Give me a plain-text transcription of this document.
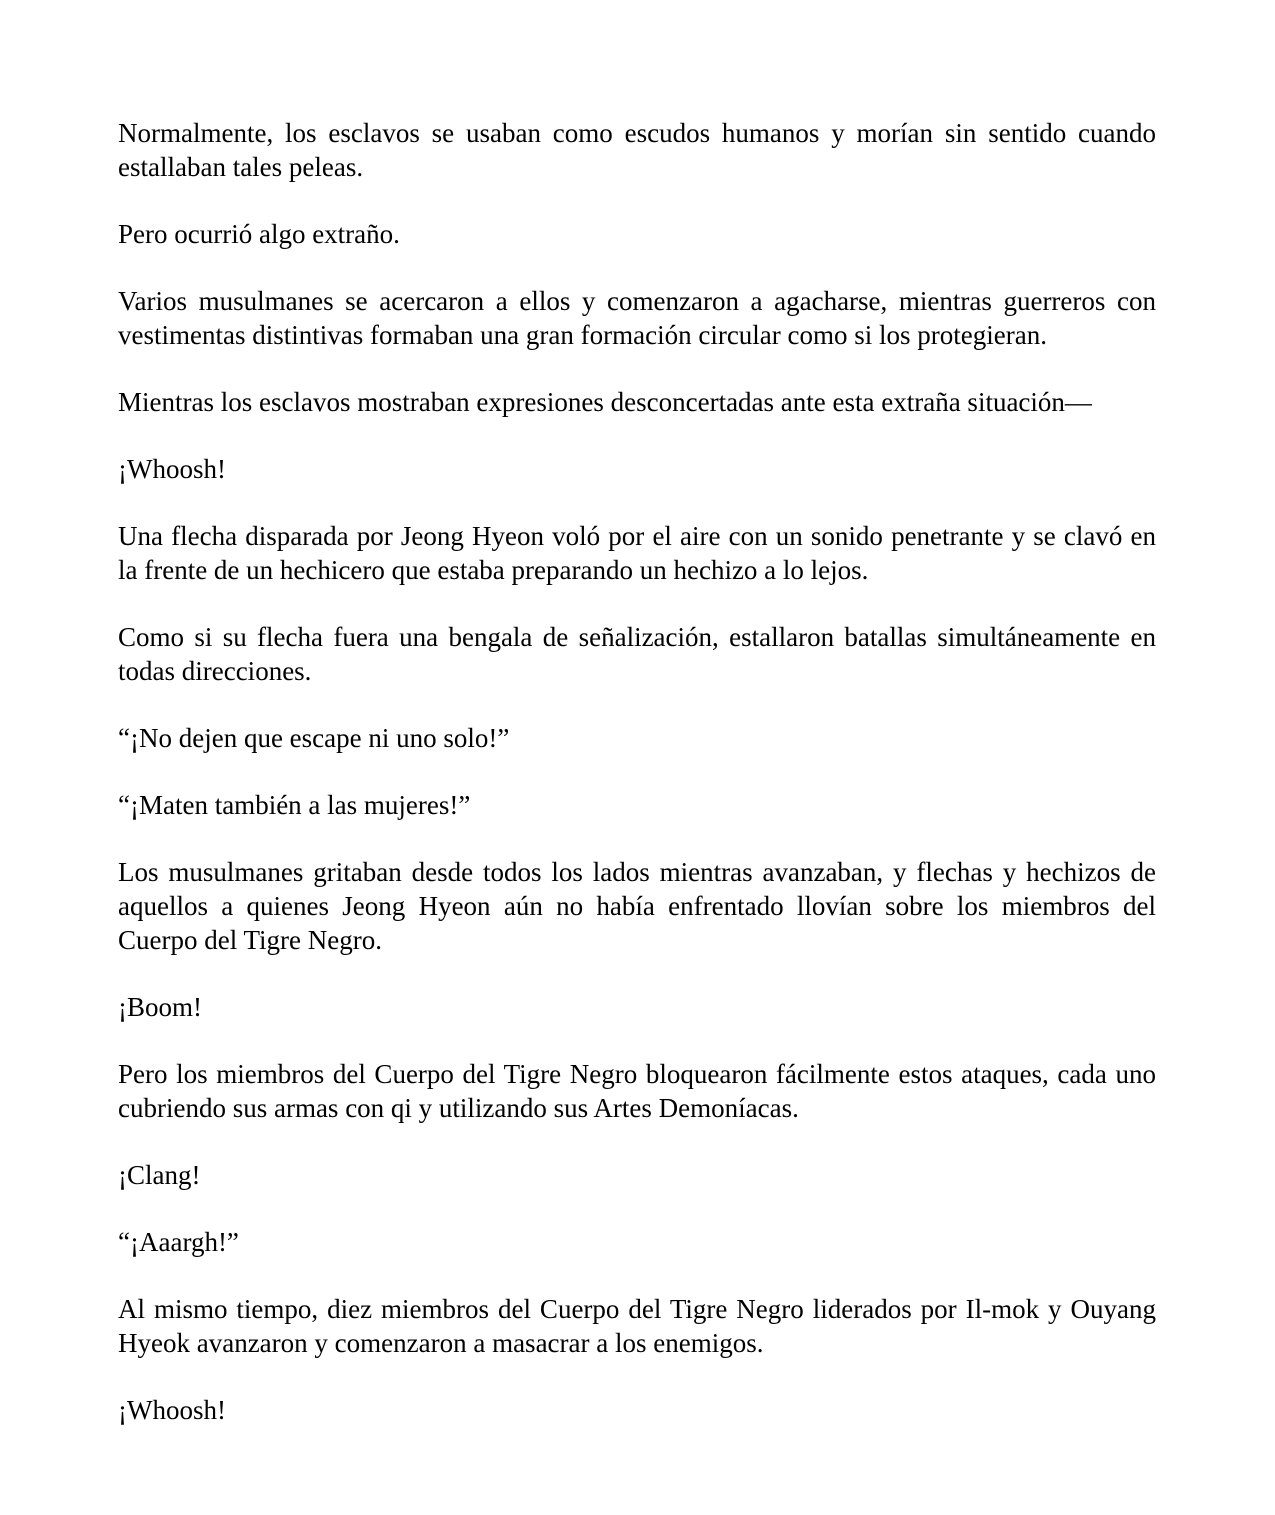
Normalmente, los esclavos se usaban como escudos humanos y morían sin sentido cuando estallaban tales peleas.

Pero ocurrió algo extraño.

Varios musulmanes se acercaron a ellos y comenzaron a agacharse, mientras guerreros con vestimentas distintivas formaban una gran formación circular como si los protegieran.

Mientras los esclavos mostraban expresiones desconcertadas ante esta extraña situación—

¡Whoosh!

Una flecha disparada por Jeong Hyeon voló por el aire con un sonido penetrante y se clavó en la frente de un hechicero que estaba preparando un hechizo a lo lejos.

Como si su flecha fuera una bengala de señalización, estallaron batallas simultáneamente en todas direcciones.

“¡No dejen que escape ni uno solo!”

“¡Maten también a las mujeres!”

Los musulmanes gritaban desde todos los lados mientras avanzaban, y flechas y hechizos de aquellos a quienes Jeong Hyeon aún no había enfrentado llovían sobre los miembros del Cuerpo del Tigre Negro.

¡Boom!

Pero los miembros del Cuerpo del Tigre Negro bloquearon fácilmente estos ataques, cada uno cubriendo sus armas con qi y utilizando sus Artes Demoníacas.

¡Clang!

“¡Aaargh!”

Al mismo tiempo, diez miembros del Cuerpo del Tigre Negro liderados por Il-mok y Ouyang Hyeok avanzaron y comenzaron a masacrar a los enemigos.

¡Whoosh!
